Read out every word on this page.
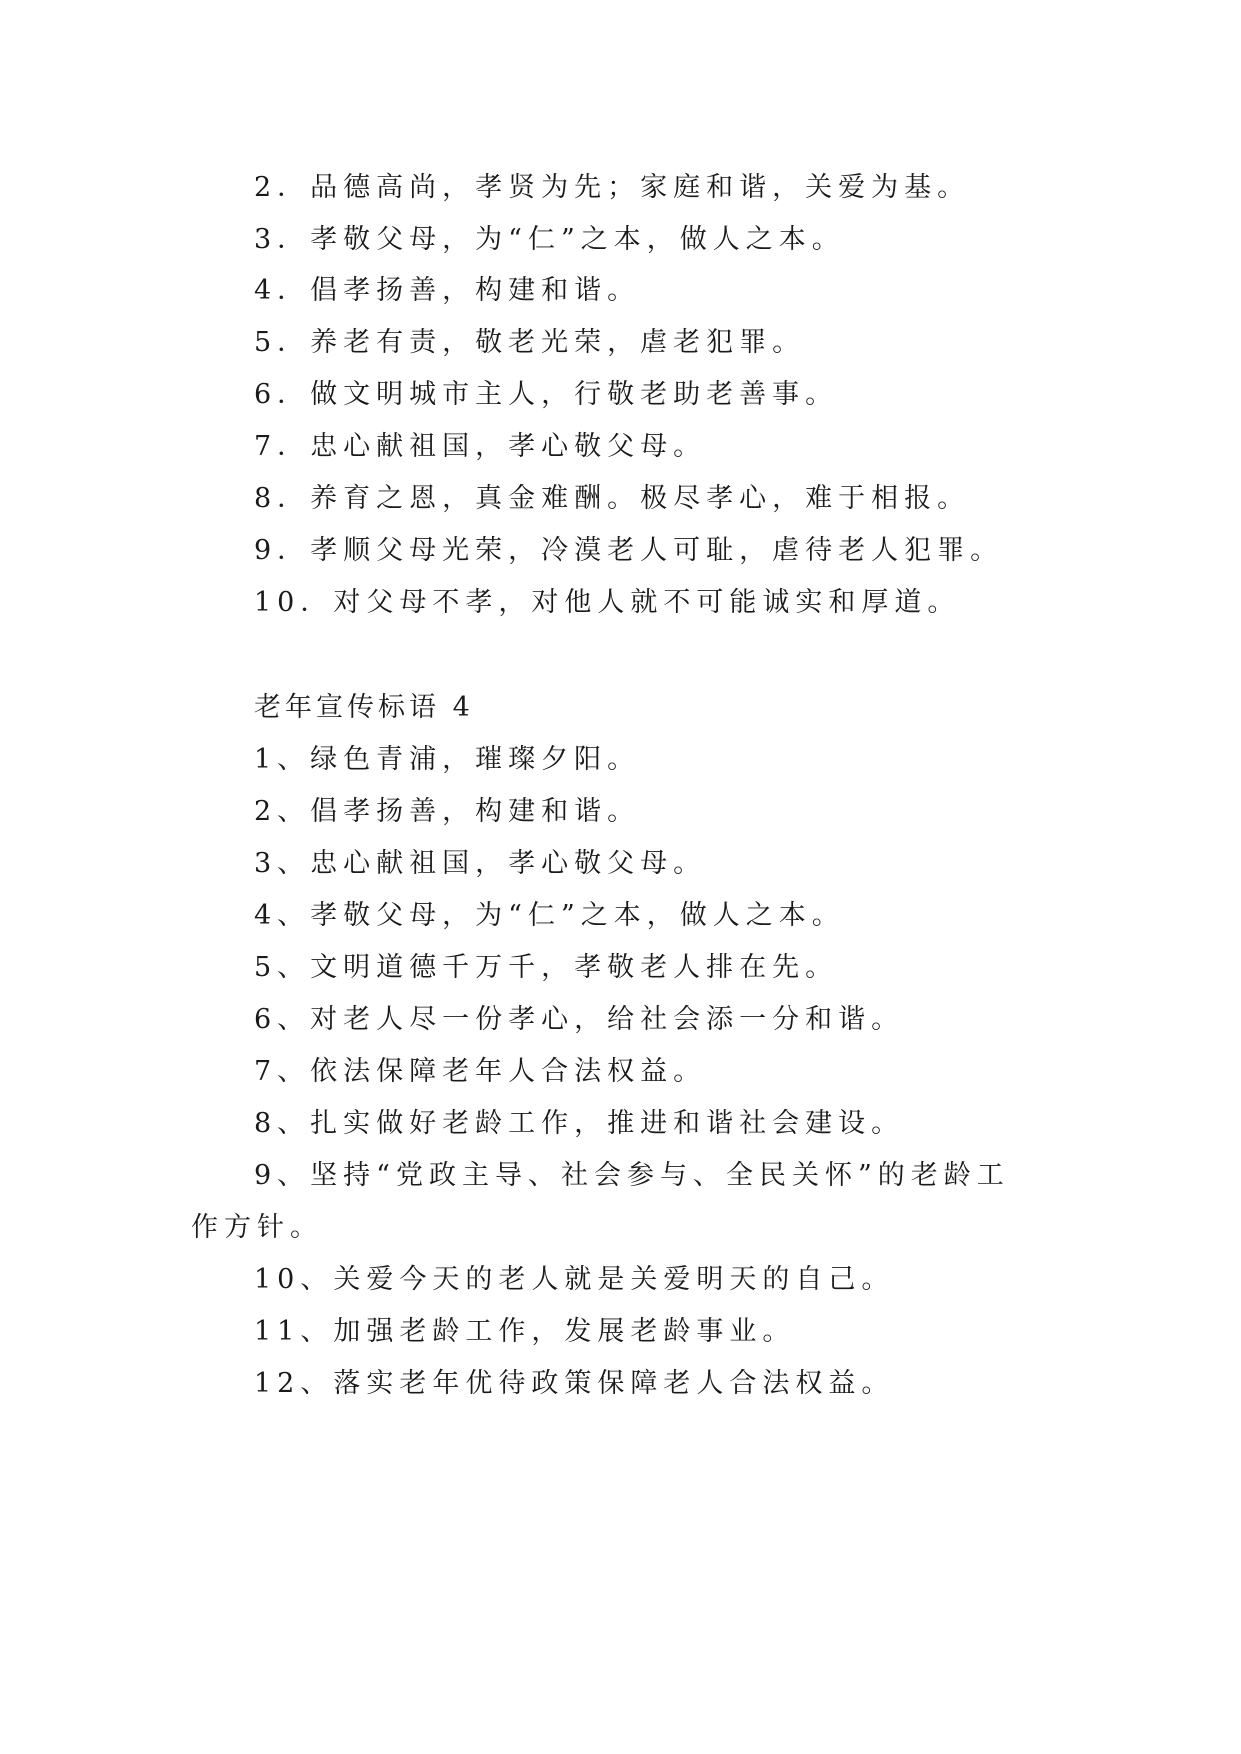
2．品德高尚，孝贤为先；家庭和谐，关爱为基。
3．孝敬父母，为“仁”之本，做人之本。
4．倡孝扬善，构建和谐。
5．养老有责，敬老光荣，虐老犯罪。
6．做文明城市主人，行敬老助老善事。
7．忠心献祖国，孝心敬父母。
8．养育之恩，真金难酬。极尽孝心，难于相报。
9．孝顺父母光荣，冷漠老人可耻，虐待老人犯罪。
10．对父母不孝，对他人就不可能诚实和厚道。
老年宣传标语 4
1、绿色青浦，璀璨夕阳。
2、倡孝扬善，构建和谐。
3、忠心献祖国，孝心敬父母。
4、孝敬父母，为“仁”之本，做人之本。
5、文明道德千万千，孝敬老人排在先。
6、对老人尽一份孝心，给社会添一分和谐。
7、依法保障老年人合法权益。
8、扎实做好老龄工作，推进和谐社会建设。
9、坚持“党政主导、社会参与、全民关怀”的老龄工
作方针。
10、关爱今天的老人就是关爱明天的自己。
11、加强老龄工作，发展老龄事业。
12、落实老年优待政策保障老人合法权益。
